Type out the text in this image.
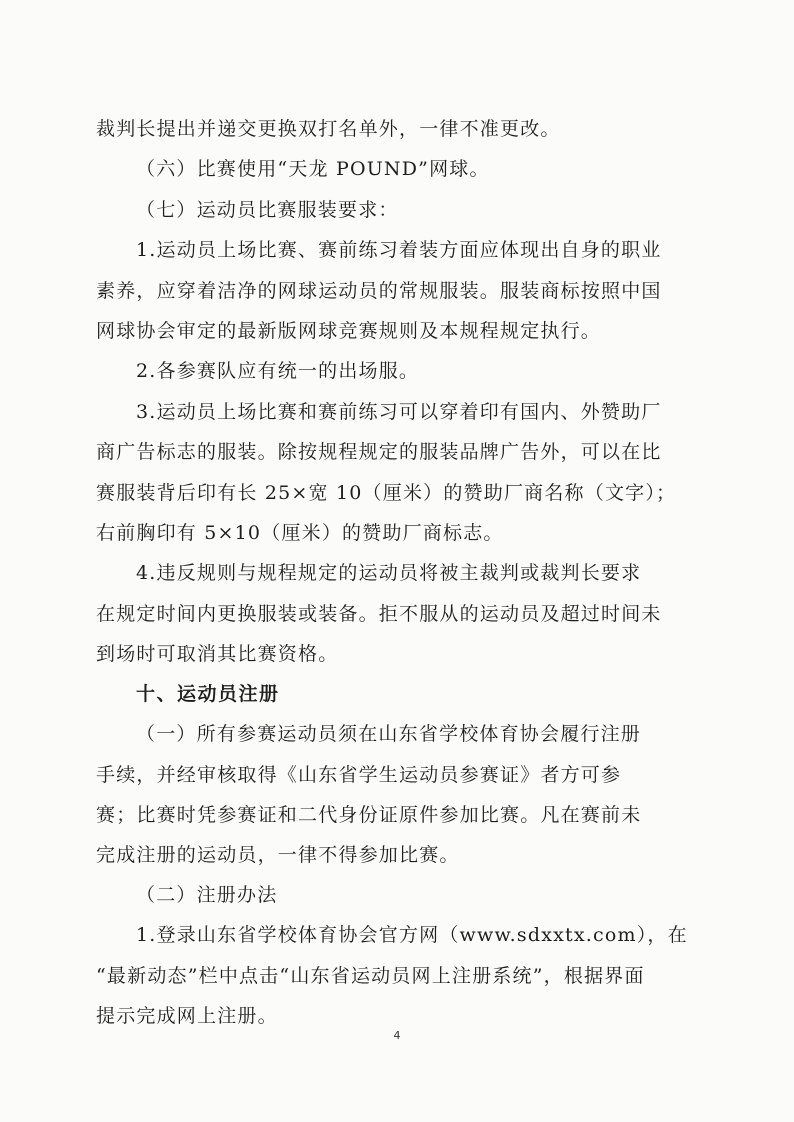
裁判长提出并递交更换双打名单外，一律不准更改。
（六）比赛使用“天龙 POUND”网球。
（七）运动员比赛服装要求：
1.运动员上场比赛、赛前练习着装方面应体现出自身的职业
素养，应穿着洁净的网球运动员的常规服装。服装商标按照中国
网球协会审定的最新版网球竞赛规则及本规程规定执行。
2.各参赛队应有统一的出场服。
3.运动员上场比赛和赛前练习可以穿着印有国内、外赞助厂
商广告标志的服装。除按规程规定的服装品牌广告外，可以在比
赛服装背后印有长 25×宽 10（厘米）的赞助厂商名称（文字）；
右前胸印有 5×10（厘米）的赞助厂商标志。
4.违反规则与规程规定的运动员将被主裁判或裁判长要求
在规定时间内更换服装或装备。拒不服从的运动员及超过时间未
到场时可取消其比赛资格。
十、运动员注册
（一）所有参赛运动员须在山东省学校体育协会履行注册
手续，并经审核取得《山东省学生运动员参赛证》者方可参
赛；比赛时凭参赛证和二代身份证原件参加比赛。凡在赛前未
完成注册的运动员，一律不得参加比赛。
（二）注册办法
1.登录山东省学校体育协会官方网（www.sdxxtx.com），在
“最新动态”栏中点击“山东省运动员网上注册系统”，根据界面
提示完成网上注册。
4
